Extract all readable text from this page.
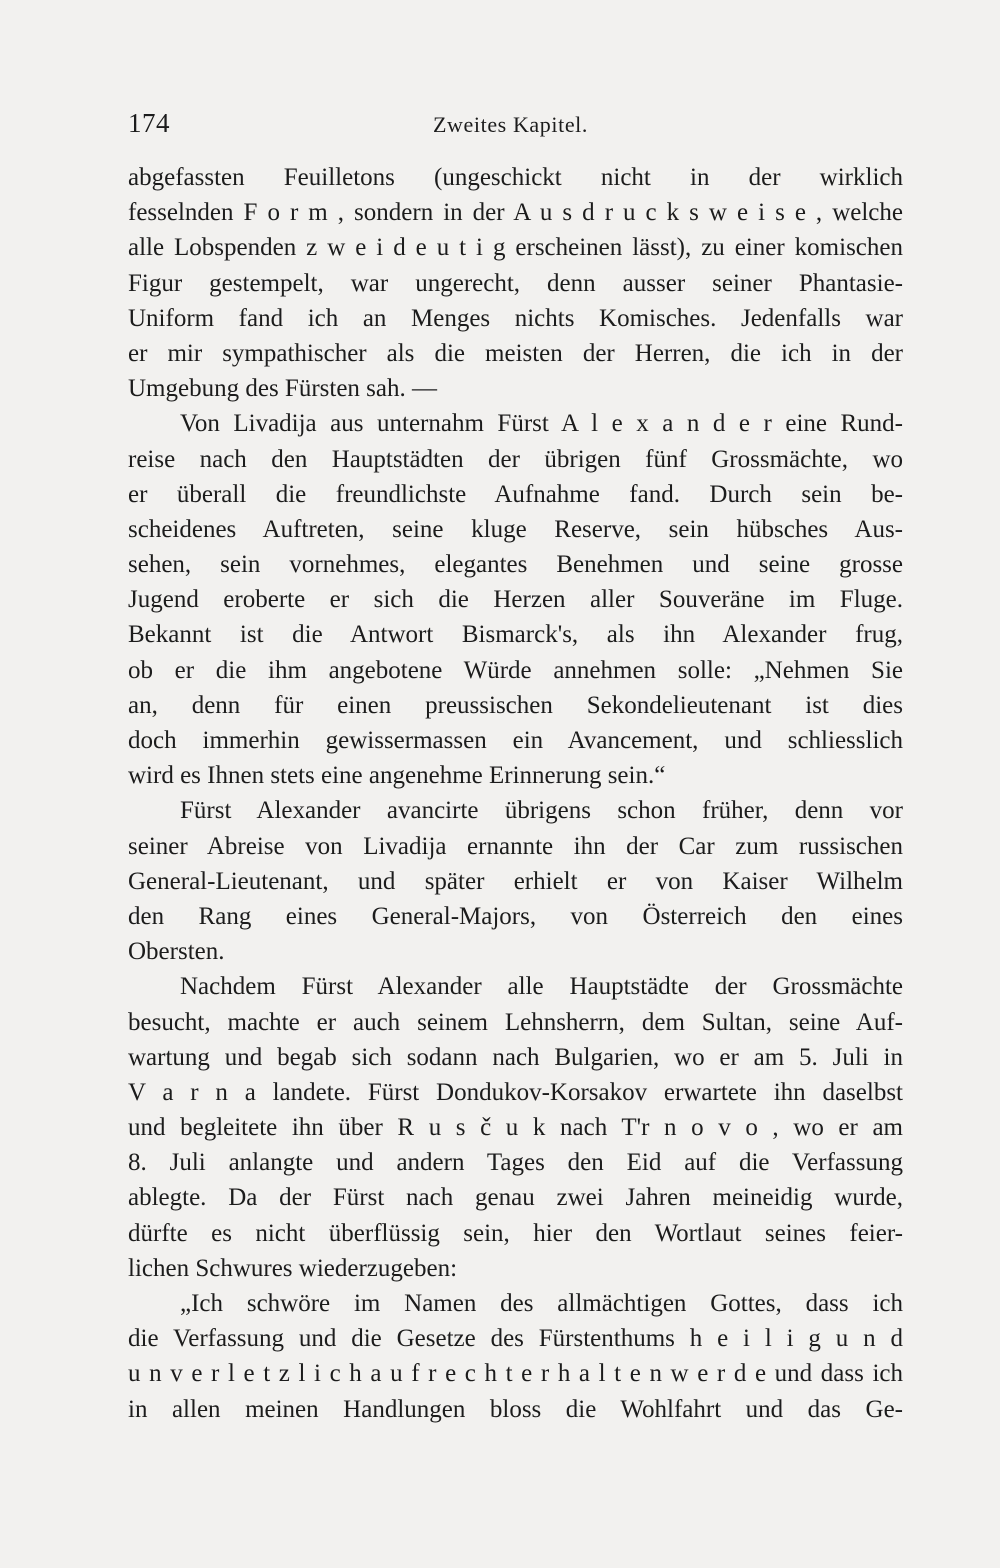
174	Zweites Kapitel.
abgefassten Feuilletons (ungeschickt nicht in der wirklich
fesselnden F o r m , sondern in der A u s d r u c k s w e i s e , welche
alle Lobspenden z w e i d e u t i g erscheinen lässt), zu einer komischen
Figur gestempelt, war ungerecht, denn ausser seiner Phantasie-
Uniform fand ich an Menges nichts Komisches. Jedenfalls war
er mir sympathischer als die meisten der Herren, die ich in der
Umgebung des Fürsten sah. —
Von Livadija aus unternahm Fürst A l e x a n d e r eine Rund-
reise nach den Hauptstädten der übrigen fünf Grossmächte, wo
er überall die freundlichste Aufnahme fand. Durch sein be-
scheidenes Auftreten, seine kluge Reserve, sein hübsches Aus-
sehen, sein vornehmes, elegantes Benehmen und seine grosse
Jugend eroberte er sich die Herzen aller Souveräne im Fluge.
Bekannt ist die Antwort Bismarck's, als ihn Alexander frug,
ob er die ihm angebotene Würde annehmen solle: „Nehmen Sie
an, denn für einen preussischen Sekondelieutenant ist dies
doch immerhin gewissermassen ein Avancement, und schliesslich
wird es Ihnen stets eine angenehme Erinnerung sein.“
Fürst Alexander avancirte übrigens schon früher, denn vor
seiner Abreise von Livadija ernannte ihn der Car zum russischen
General-Lieutenant, und später erhielt er von Kaiser Wilhelm
den Rang eines General-Majors, von Österreich den eines
Obersten.
Nachdem Fürst Alexander alle Hauptstädte der Grossmächte
besucht, machte er auch seinem Lehnsherrn, dem Sultan, seine Auf-
wartung und begab sich sodann nach Bulgarien, wo er am 5. Juli in
V a r n a landete. Fürst Dondukov-Korsakov erwartete ihn daselbst
und begleitete ihn über R u s č u k nach T'r n o v o , wo er am
8. Juli anlangte und andern Tages den Eid auf die Verfassung
ablegte. Da der Fürst nach genau zwei Jahren meineidig wurde,
dürfte es nicht überflüssig sein, hier den Wortlaut seines feier-
lichen Schwures wiederzugeben:
„Ich schwöre im Namen des allmächtigen Gottes, dass ich
die Verfassung und die Gesetze des Fürstenthums h e i l i g u n d
u n v e r l e t z l i c h a u f r e c h t e r h a l t e n w e r d e und dass ich
in allen meinen Handlungen bloss die Wohlfahrt und das Ge-
